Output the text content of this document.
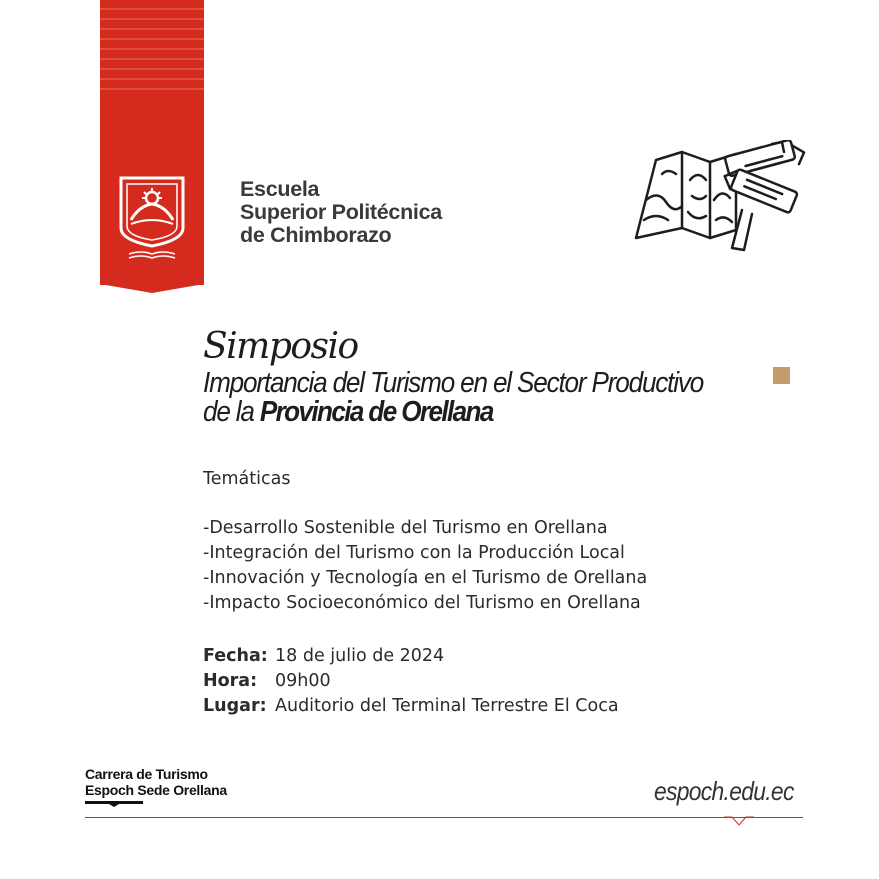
Escuela
Superior Politécnica
de Chimborazo
Simposio
Importancia del Turismo en el Sector Productivo
de la Provincia de Orellana
Temáticas
-Desarrollo Sostenible del Turismo en Orellana
-Integración del Turismo con la Producción Local
-Innovación y Tecnología en el Turismo de Orellana
-Impacto Socioeconómico del Turismo en Orellana
Fecha: 18 de julio de 2024
Hora:	09h00
Lugar: Auditorio del Terminal Terrestre El Coca
Carrera de Turismo
Espoch Sede Orellana	espoch.edu.ec
